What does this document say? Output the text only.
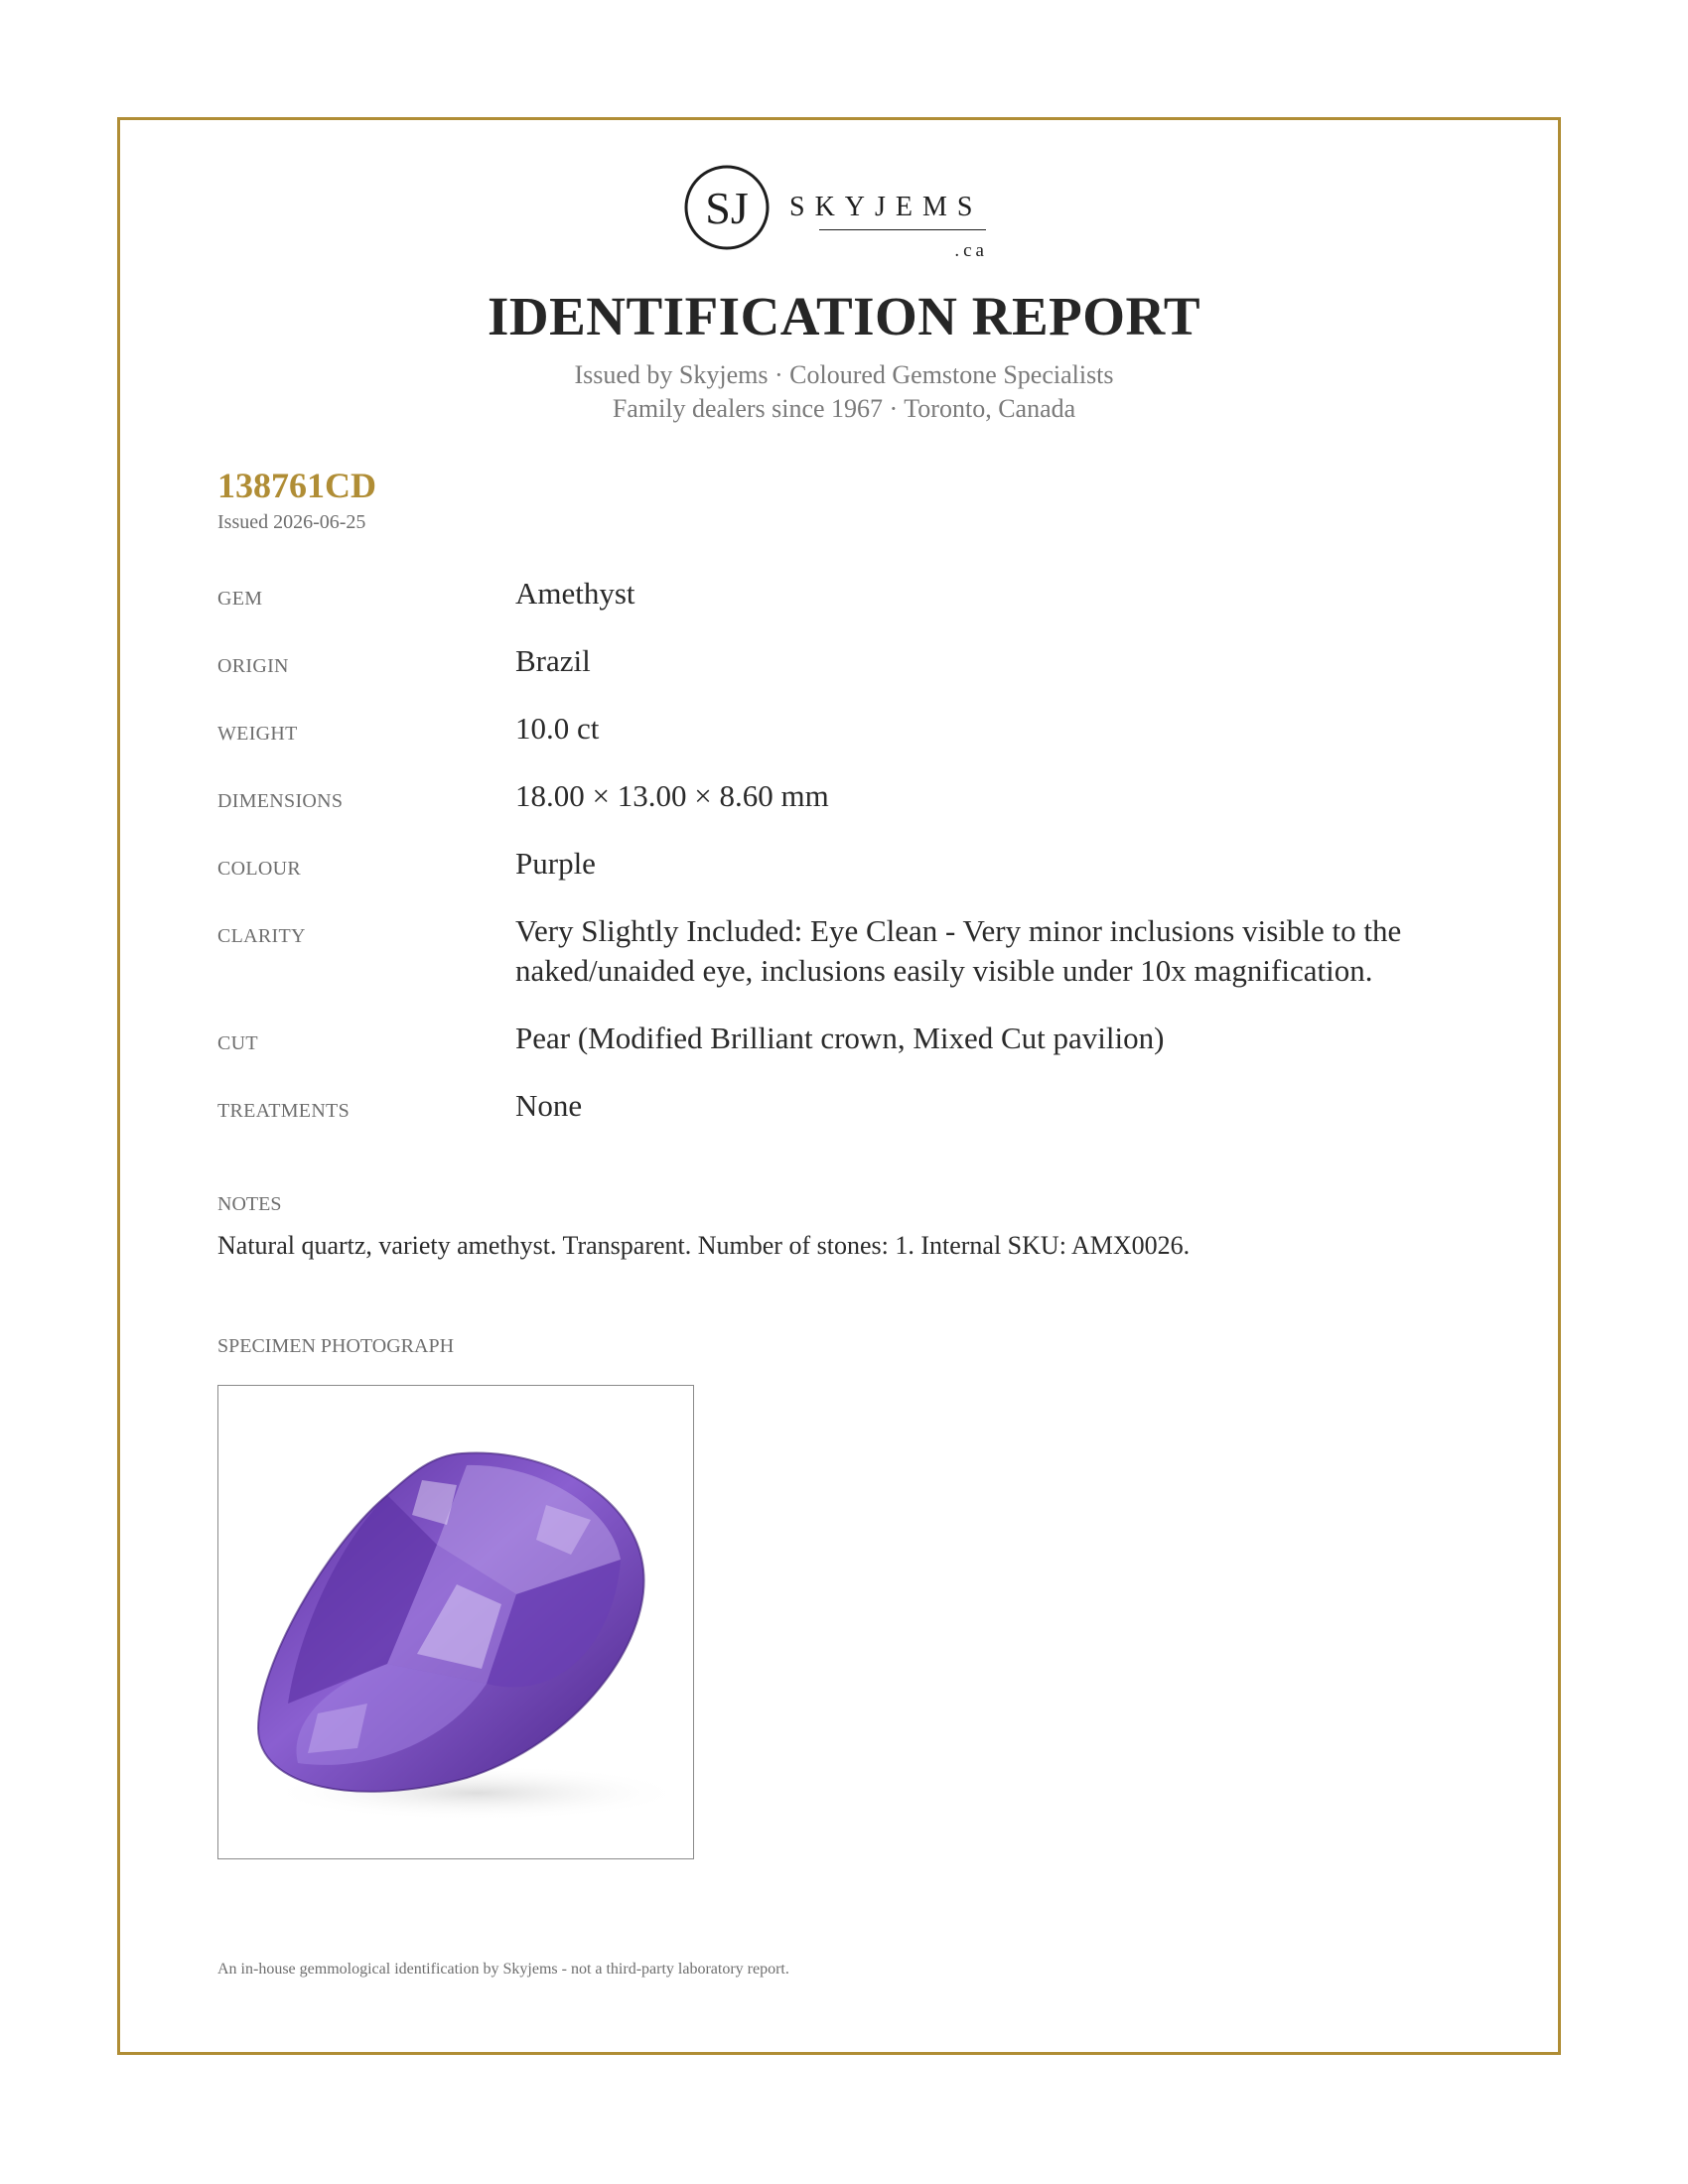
SJ SKYJEMS
.ca
IDENTIFICATION REPORT
Issued by Skyjems · Coloured Gemstone Specialists
Family dealers since 1967 · Toronto, Canada
138761CD
Issued 2026-06-25
GEM	Amethyst
ORIGIN	Brazil
WEIGHT	10.0 ct
DIMENSIONS	18.00 × 13.00 × 8.60 mm
COLOUR	Purple
CLARITY	Very Slightly Included: Eye Clean - Very minor inclusions visible to the naked/unaided eye, inclusions easily visible under 10x magnification.
CUT	Pear (Modified Brilliant crown, Mixed Cut pavilion)
TREATMENTS	None
NOTES
Natural quartz, variety amethyst. Transparent. Number of stones: 1. Internal SKU: AMX0026.
SPECIMEN PHOTOGRAPH
An in-house gemmological identification by Skyjems - not a third-party laboratory report.
